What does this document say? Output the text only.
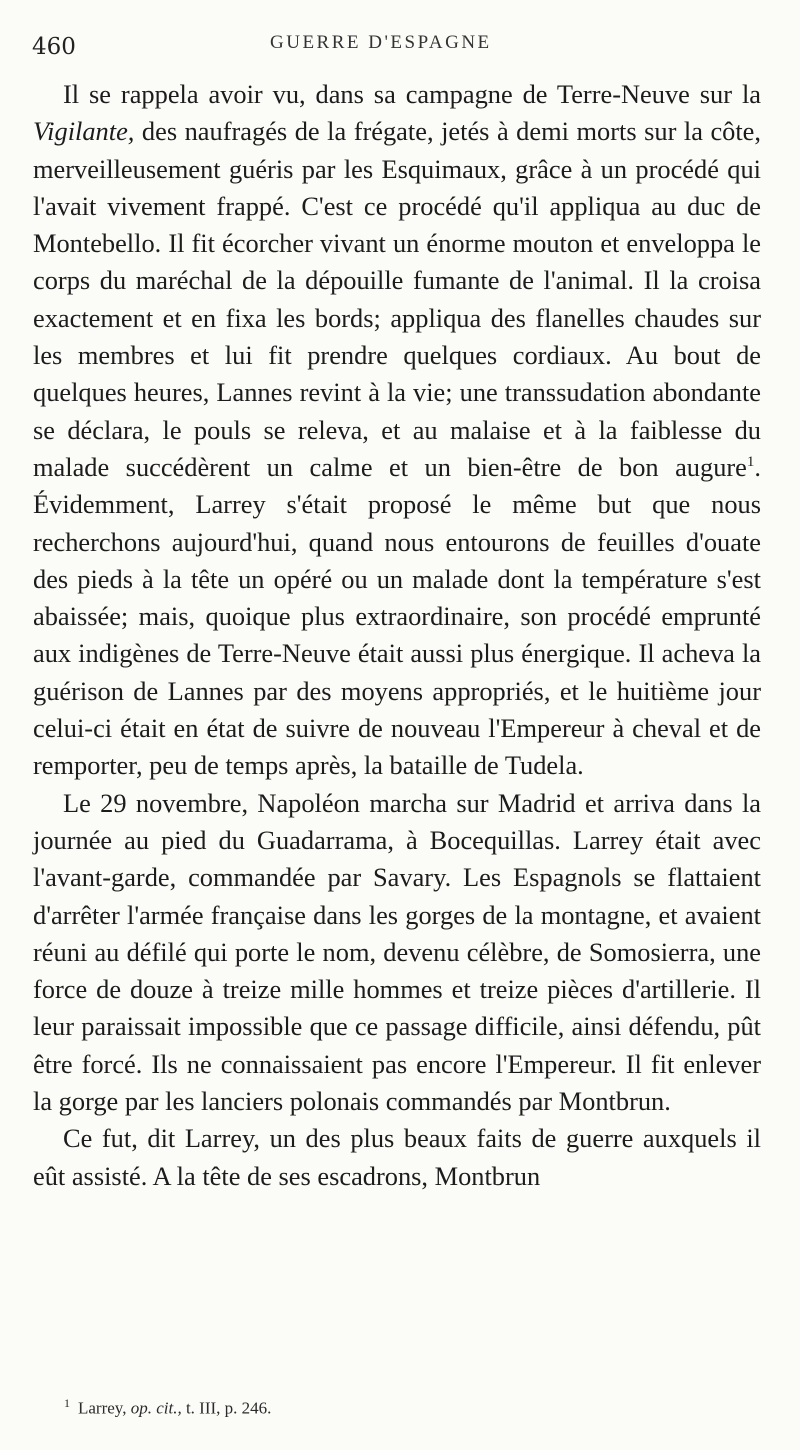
460	GUERRE D'ESPAGNE

Il se rappela avoir vu, dans sa campagne de Terre-Neuve sur la Vigilante, des naufragés de la frégate, jetés à demi morts sur la côte, merveilleusement guéris par les Esquimaux, grâce à un procédé qui l'avait vivement frappé. C'est ce procédé qu'il appliqua au duc de Montebello. Il fit écorcher vivant un énorme mouton et enveloppa le corps du maréchal de la dépouille fumante de l'animal. Il la croisa exactement et en fixa les bords; appliqua des flanelles chaudes sur les membres et lui fit prendre quelques cordiaux. Au bout de quelques heures, Lannes revint à la vie; une transsudation abondante se déclara, le pouls se releva, et au malaise et à la faiblesse du malade succédèrent un calme et un bien-être de bon augure$^1$. Évidemment, Larrey s'était proposé le même but que nous recherchons aujourd'hui, quand nous entourons de feuilles d'ouate des pieds à la tête un opéré ou un malade dont la température s'est abaissée; mais, quoique plus extraordinaire, son procédé emprunté aux indigènes de Terre-Neuve était aussi plus énergique. Il acheva la guérison de Lannes par des moyens appropriés, et le huitième jour celui-ci était en état de suivre de nouveau l'Empereur à cheval et de remporter, peu de temps après, la bataille de Tudela.

Le 29 novembre, Napoléon marcha sur Madrid et arriva dans la journée au pied du Guadarrama, à Bocequillas. Larrey était avec l'avant-garde, commandée par Savary. Les Espagnols se flattaient d'arrêter l'armée française dans les gorges de la montagne, et avaient réuni au défilé qui porte le nom, devenu célèbre, de Somosierra, une force de douze à treize mille hommes et treize pièces d'artillerie. Il leur paraissait impossible que ce passage difficile, ainsi défendu, pût être forcé. Ils ne connaissaient pas encore l'Empereur. Il fit enlever la gorge par les lanciers polonais commandés par Montbrun.

Ce fut, dit Larrey, un des plus beaux faits de guerre auxquels il eût assisté. A la tête de ses escadrons, Montbrun

$^1$ Larrey, op. cit., t. III, p. 246.
